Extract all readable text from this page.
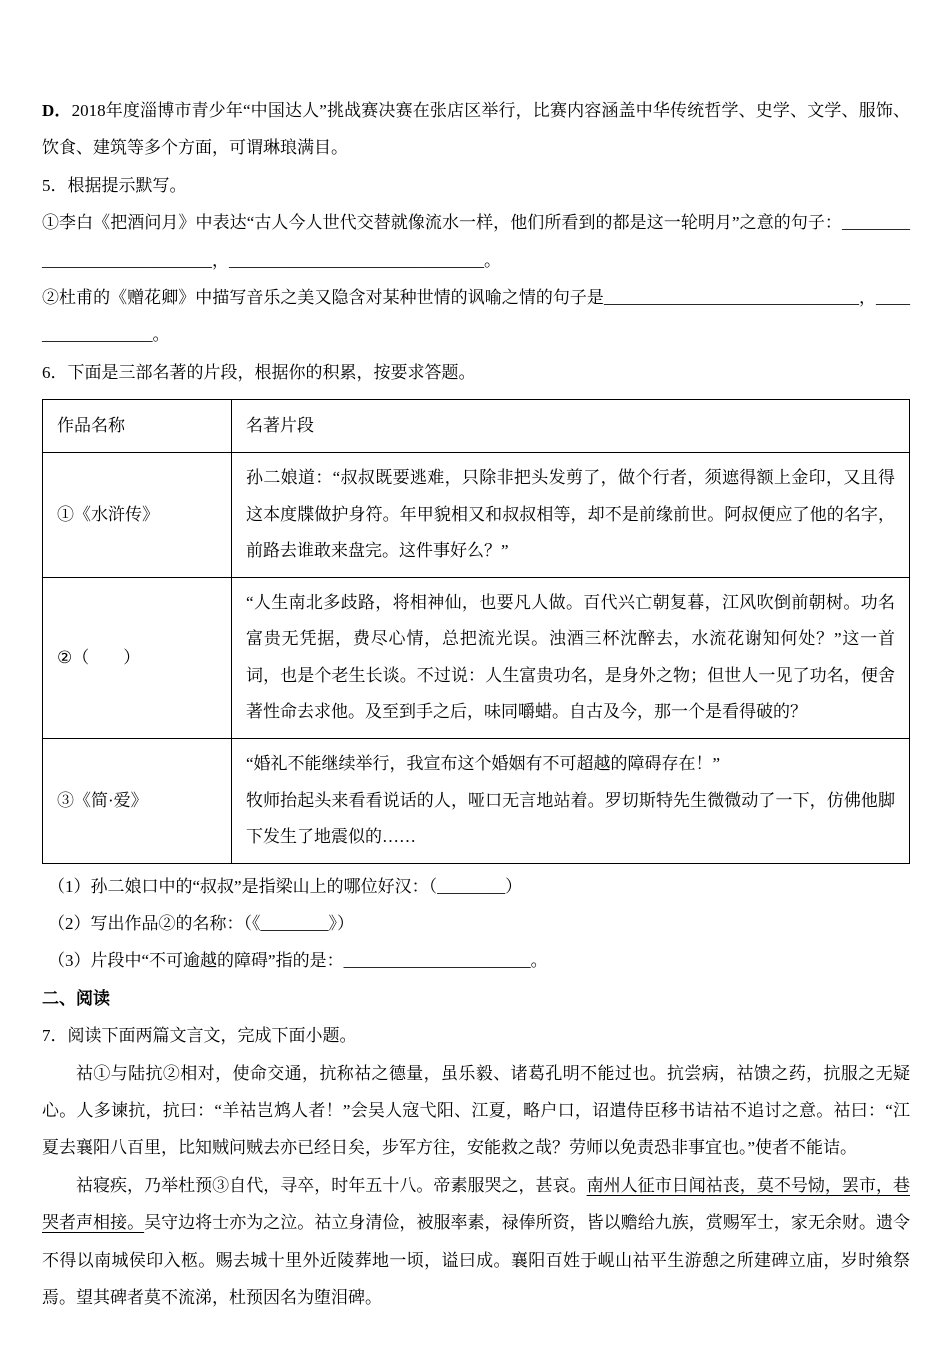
D．2018年度淄博市青少年“中国达人”挑战赛决赛在张店区举行，比赛内容涵盖中华传统哲学、史学、文学、服饰、饮食、建筑等多个方面，可谓琳琅满目。

5．根据提示默写。

①李白《把酒问月》中表达“古人今人世代交替就像流水一样，他们所看到的都是这一轮明月”之意的句子：____________________________，______________________________。

②杜甫的《赠花卿》中描写音乐之美又隐含对某种世情的讽喻之情的句子是______________________________，_________________。

6．下面是三部名著的片段，根据你的积累，按要求答题。

作品名称	名著片段
①《水浒传》	孙二娘道：“叔叔既要逃难，只除非把头发剪了，做个行者，须遮得额上金印，又且得这本度牒做护身符。年甲貌相又和叔叔相等，却不是前缘前世。阿叔便应了他的名字，前路去谁敢来盘完。这件事好么？”

②（　　）	“人生南北多歧路，将相神仙，也要凡人做。百代兴亡朝复暮，江风吹倒前朝树。功名富贵无凭据，费尽心情，总把流光误。浊酒三杯沈醉去，水流花谢知何处？”这一首词，也是个老生长谈。不过说：人生富贵功名，是身外之物；但世人一见了功名，便舍著性命去求他。及至到手之后，味同嚼蜡。自古及今，那一个是看得破的？

③《简·爱》	“婚礼不能继续举行，我宣布这个婚姻有不可超越的障碍存在！”

牧师抬起头来看看说话的人，哑口无言地站着。罗切斯特先生微微动了一下，仿佛他脚下发生了地震似的……

（1）孙二娘口中的“叔叔”是指梁山上的哪位好汉：（________）

（2）写出作品②的名称：（《________》）

（3）片段中“不可逾越的障碍”指的是：______________________。

二、阅读

7．阅读下面两篇文言文，完成下面小题。

祜①与陆抗②相对，使命交通，抗称祜之德量，虽乐毅、诸葛孔明不能过也。抗尝病，祜馈之药，抗服之无疑心。人多谏抗，抗曰：“羊祜岂鸩人者！”会吴人寇弋阳、江夏，略户口，诏遣侍臣移书诘祜不追讨之意。祜曰：“江夏去襄阳八百里，比知贼问贼去亦已经日矣，步军方往，安能救之哉？劳师以免责恐非事宜也。”使者不能诘。

祜寝疾，乃举杜预③自代，寻卒，时年五十八。帝素服哭之，甚哀。南州人征市日闻祜丧，莫不号恸，罢市，巷哭者声相接。吴守边将士亦为之泣。祜立身清俭，被服率素，禄俸所资，皆以赡给九族，赏赐军士，家无余财。遗令不得以南城侯印入柩。赐去城十里外近陵葬地一顷，谥曰成。襄阳百姓于岘山祜平生游憩之所建碑立庙，岁时飨祭焉。望其碑者莫不流涕，杜预因名为堕泪碑。
